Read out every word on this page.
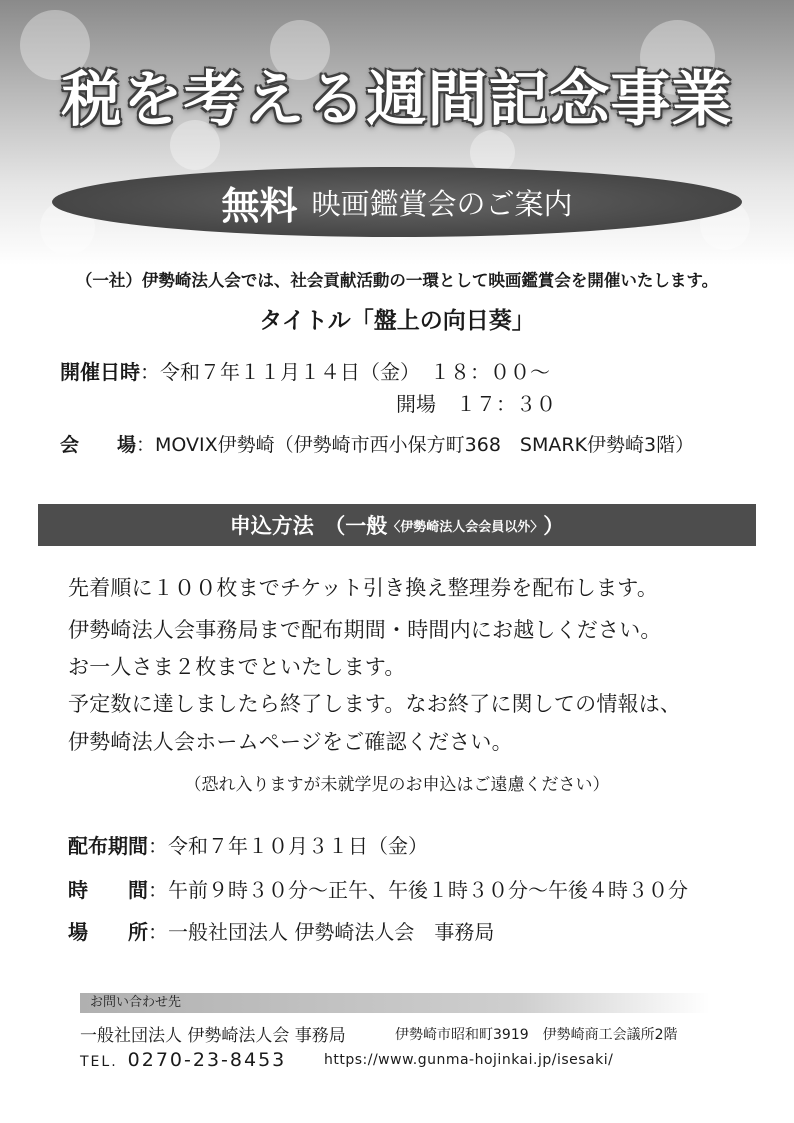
税を考える週間記念事業
無料 映画鑑賞会のご案内
（一社）伊勢崎法人会では、社会貢献活動の一環として映画鑑賞会を開催いたします。
タイトル「盤上の向日葵」
開催日時：令和７年１１月１４日（金）　１８：００～
開場　１７：３０
会　　場：MOVIX伊勢崎（伊勢崎市西小保方町368　SMARK伊勢崎3階）
申込方法　（一般 〈伊勢崎法人会会員以外〉 ）
先着順に１００枚までチケット引き換え整理券を配布します。
伊勢崎法人会事務局まで配布期間・時間内にお越しください。
お一人さま２枚までといたします。
予定数に達しましたら終了します。なお終了に関しての情報は、
伊勢崎法人会ホームページをご確認ください。
（恐れ入りますが未就学児のお申込はご遠慮ください）
配布期間：令和７年１０月３１日（金）
時　　間：午前９時３０分～正午、午後１時３０分～午後４時３０分
場　　所：一般社団法人 伊勢崎法人会　事務局
お問い合わせ先
一般社団法人 伊勢崎法人会 事務局	伊勢崎市昭和町3919　伊勢崎商工会議所2階
TEL. 0270-23-8453	https://www.gunma-hojinkai.jp/isesaki/
